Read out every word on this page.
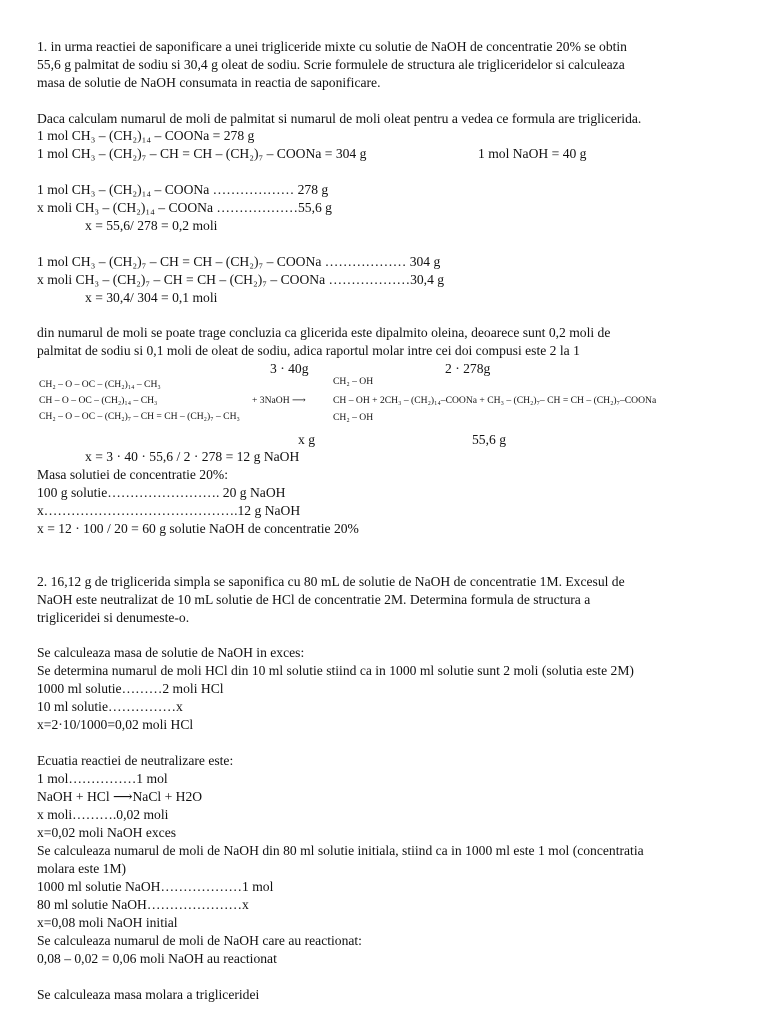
1. in urma reactiei de saponificare a unei trigliceride mixte cu solutie de NaOH de concentratie 20% se obtin
55,6 g palmitat de sodiu si 30,4 g oleat de sodiu. Scrie formulele de structura ale trigliceridelor si calculeaza
masa de solutie de NaOH consumata in reactia de saponificare.
Daca calculam numarul de moli de palmitat si numarul de moli oleat pentru a vedea ce formula are triglicerida.
1 mol CH₃ – (CH₂)₁₄ – COONa = 278 g
1 mol CH₃ – (CH₂)₇ – CH = CH – (CH₂)₇ – COONa = 304 g	1 mol NaOH = 40 g
1 mol CH₃ – (CH₂)₁₄ – COONa ……………… 278 g
x moli CH₃ – (CH₂)₁₄ – COONa ………………55,6 g
x = 55,6/ 278 = 0,2 moli
1 mol CH₃ – (CH₂)₇ – CH = CH – (CH₂)₇ – COONa ……………… 304 g
x moli CH₃ – (CH₂)₇ – CH = CH – (CH₂)₇ – COONa ………………30,4 g
x = 30,4/ 304 = 0,1 moli
din numarul de moli se poate trage concluzia ca glicerida este dipalmito oleina, deoarece sunt 0,2 moli de
palmitat de sodiu si 0,1 moli de oleat de sodiu, adica raportul molar intre cei doi compusi este 2 la 1
3 · 40g	2 · 278g
CH₂ – O – OC – (CH₂)₁₄ – CH₃
CH – O – OC – (CH₂)₁₄ – CH₃
CH₂ – O – OC – (CH₂)₇ – CH = CH – (CH₂)₇ – CH₃
+ 3NaOH ⟶
CH₂ – OH
CH – OH + 2CH₃ – (CH₂)₁₄–COONa + CH₃ – (CH₂)₇– CH = CH – (CH₂)₇–COONa
CH₂ – OH
x g	55,6 g
x = 3 · 40 · 55,6 / 2 · 278 = 12 g NaOH
Masa solutiei de concentratie 20%:
100 g solutie……………………. 20 g NaOH
x…………………………………….12 g NaOH
x = 12 · 100 / 20 = 60 g solutie NaOH de concentratie 20%
2. 16,12 g de triglicerida simpla se saponifica cu 80 mL de solutie de NaOH de concentratie 1M. Excesul de
NaOH este neutralizat de 10 mL solutie de HCl de concentratie 2M. Determina formula de structura a
trigliceridei si denumeste-o.
Se calculeaza masa de solutie de NaOH in exces:
Se determina numarul de moli HCl din 10 ml solutie stiind ca in 1000 ml solutie sunt 2 moli (solutia este 2M)
1000 ml solutie………2 moli HCl
10 ml solutie……………x
x=2·10/1000=0,02 moli HCl
Ecuatia reactiei de neutralizare este:
1 mol……………1 mol
NaOH + HCl ⟶NaCl + H2O
x moli……….0,02 moli
x=0,02 moli NaOH exces
Se calculeaza numarul de moli de NaOH din 80 ml solutie initiala, stiind ca in 1000 ml este 1 mol (concentratia
molara este 1M)
1000 ml solutie NaOH………………1 mol
80 ml solutie NaOH…………………x
x=0,08 moli NaOH initial
Se calculeaza numarul de moli de NaOH care au reactionat:
0,08 – 0,02 = 0,06 moli NaOH au reactionat
Se calculeaza masa molara a trigliceridei
